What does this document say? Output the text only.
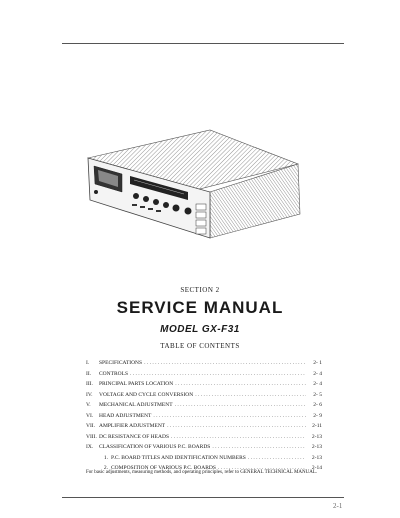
SECTION 2
SERVICE MANUAL
MODEL GX-F31
TABLE OF CONTENTS
I.	SPECIFICATIONS . . .	2- 1
II.	CONTROLS . . .	2- 4
III.	PRINCIPAL PARTS LOCATION . . .	2- 4
IV.	VOLTAGE AND CYCLE CONVERSION . . .	2- 5
V.	MECHANICAL ADJUSTMENT . . .	2- 6
VI.	HEAD ADJUSTMENT . . .	2- 9
VII. AMPLIFIER ADJUSTMENT . . .	2-11
VIII. DC RESISTANCE OF HEADS . . .	2-13
IX.	CLASSIFICATION OF VARIOUS P.C. BOARDS . . .	2-13
1. P.C. BOARD TITLES AND IDENTIFICATION NUMBERS . . .	2-13
2. COMPOSITION OF VARIOUS P.C. BOARDS . . .	2-14
For basic adjustments, measuring methods, and operating principles, refer to GENERAL TECHNICAL MANUAL.
2-1
